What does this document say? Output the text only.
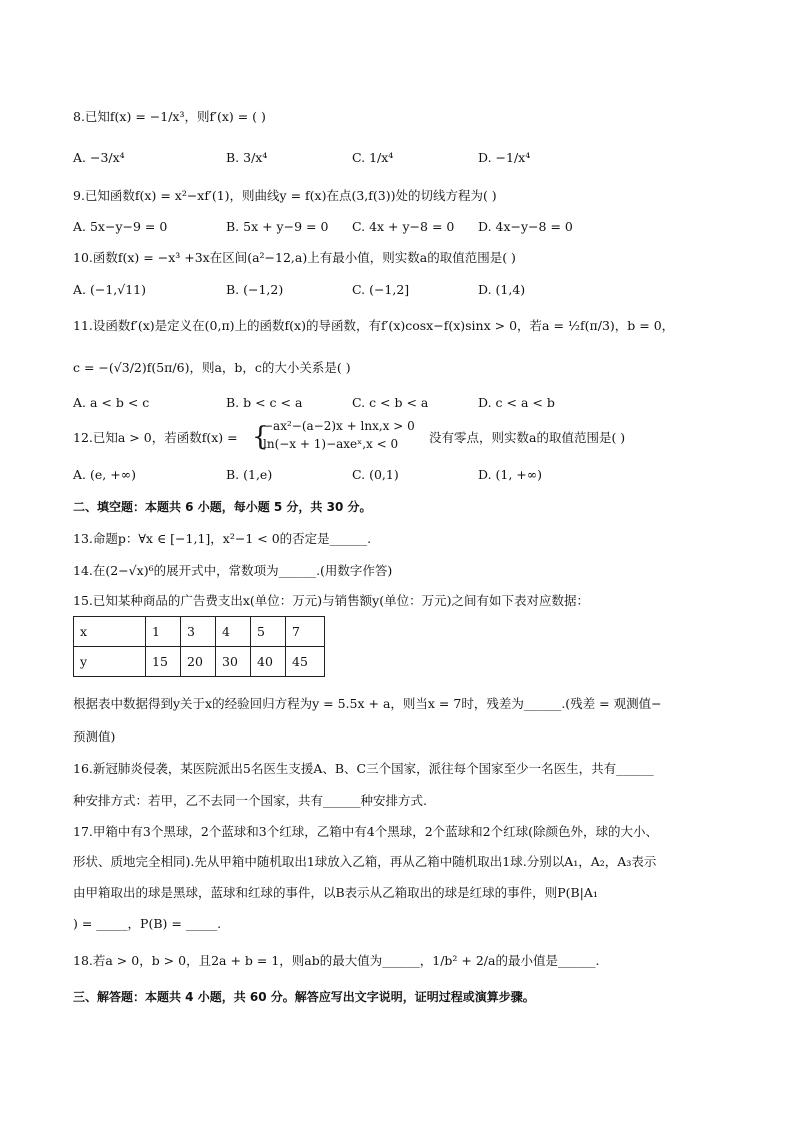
8.已知f(x) = −1/x³，则f′(x) = ( )
A. −3/x⁴	B. 3/x⁴	C. 1/x⁴	D. −1/x⁴
9.已知函数f(x) = x²−xf′(1)，则曲线y = f(x)在点(3,f(3))处的切线方程为( )
A. 5x−y−9 = 0	B. 5x + y−9 = 0 C. 4x + y−8 = 0 D. 4x−y−8 = 0
10.函数f(x) = −x³ +3x在区间(a²−12,a)上有最小值，则实数a的取值范围是( )
A. (−1,√11)	B. (−1,2)	C. (−1,2]	D. (1,4)
11.设函数f′(x)是定义在(0,π)上的函数f(x)的导函数，有f′(x)cosx−f(x)sinx > 0，若a = ½f(π/3)，b = 0，
c = −(√3/2)f(5π/6)，则a，b，c的大小关系是( )
A. a < b < c	B. b < c < a	C. c < b < a	D. c < a < b
12.已知a > 0，若函数f(x) = {
−ax²−(a−2)x + lnx,x > 0
ln(−x + 1)−axeˣ,x < 0 没有零点，则实数a的取值范围是( )
A. (e, +∞)	B. (1,e)	C. (0,1)	D. (1, +∞)
二、填空题：本题共 6 小题，每小题 5 分，共 30 分。
13.命题p：∀x ∈ [−1,1]，x²−1 < 0的否定是______.
14.在(2−√x)⁶的展开式中，常数项为______.(用数字作答)
15.已知某种商品的广告费支出x(单位：万元)与销售额y(单位：万元)之间有如下表对应数据：
x	1	3	4	5	7
y	15	20	30	40	45
根据表中数据得到y关于x的经验回归方程为y = 5.5x + a，则当x = 7时，残差为______.(残差 = 观测值−
预测值)
16.新冠肺炎侵袭，某医院派出5名医生支援A、B、C三个国家，派往每个国家至少一名医生，共有______
种安排方式：若甲，乙不去同一个国家，共有______种安排方式.
17.甲箱中有3个黑球，2个蓝球和3个红球，乙箱中有4个黑球，2个蓝球和2个红球(除颜色外，球的大小、
形状、质地完全相同).先从甲箱中随机取出1球放入乙箱，再从乙箱中随机取出1球.分别以A₁，A₂，A₃表示
由甲箱取出的球是黑球，蓝球和红球的事件，以B表示从乙箱取出的球是红球的事件，则P(B|A₁
) = _____，P(B) = _____.
18.若a > 0，b > 0，且2a + b = 1，则ab的最大值为______，1/b² + 2/a的最小值是______.
三、解答题：本题共 4 小题，共 60 分。解答应写出文字说明，证明过程或演算步骤。
